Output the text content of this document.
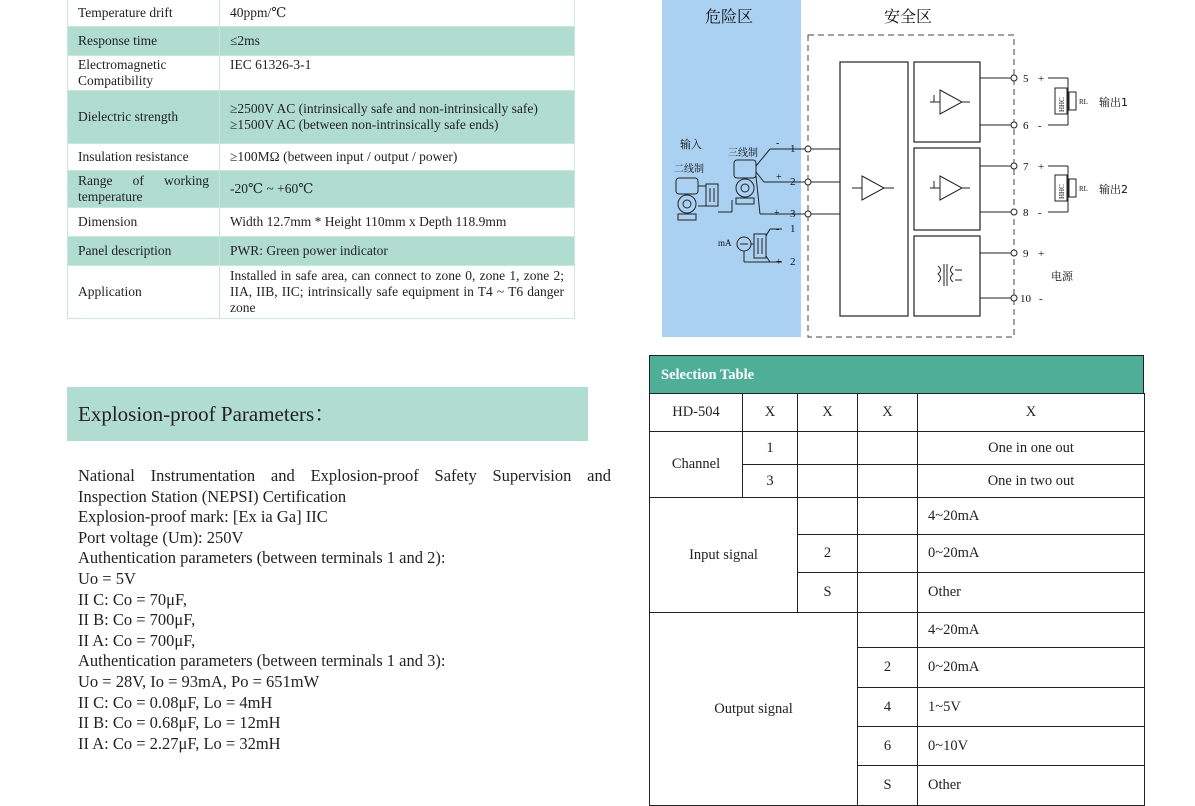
Temperature drift	40ppm/℃
Response time	≤2ms
Electromagnetic Compatibility	IEC 61326-3-1
Dielectric strength	≥2500V AC (intrinsically safe and non-intrinsically safe)
≥1500V AC (between non-intrinsically safe ends)

Insulation resistance	≥100MΩ (between input / output / power)
Range of working temperature	-20℃ ~ +60℃
Dimension	Width 12.7mm * Height 110mm x Depth 118.9mm
Panel description	PWR: Green power indicator
Application	Installed in safe area, can connect to zone 0, zone 1, zone 2; IIA, IIB, IIC; intrinsically safe equipment in T4 ~ T6 danger zone
Explosion-proof Parameters：
National Instrumentation and Explosion-proof Safety Supervision and
Inspection Station (NEPSI) Certification
Explosion-proof mark: [Ex ia Ga] IIC
Port voltage (Um): 250V
Authentication parameters (between terminals 1 and 2):
Uo = 5V
II C: Co = 70μF,
II B: Co = 700μF,
II A: Co = 700μF,
Authentication parameters (between terminals 1 and 3):
Uo = 28V, Io = 93mA, Po = 651mW
II C: Co = 0.08μF, Lo = 4mH
II B: Co = 0.68μF, Lo = 12mH
II A: Co = 2.27μF, Lo = 32mH
危险区	安全区
1
-
2
+
3
+
1
-
2
+
输入
二线制
三线制
mA
5 +
6 -
7 +
8 -
9 +
10 -
HHC RL 输出1
HHC RL 输出2
电源
Selection Table
HD-504	X	X	X	X
Channel	1			One in one out
	3			One in two out
Input signal				4~20mA
		2		0~20mA
		S		Other
Output signal				4~20mA
			2	0~20mA
			4	1~5V
			6	0~10V
			S	Other
